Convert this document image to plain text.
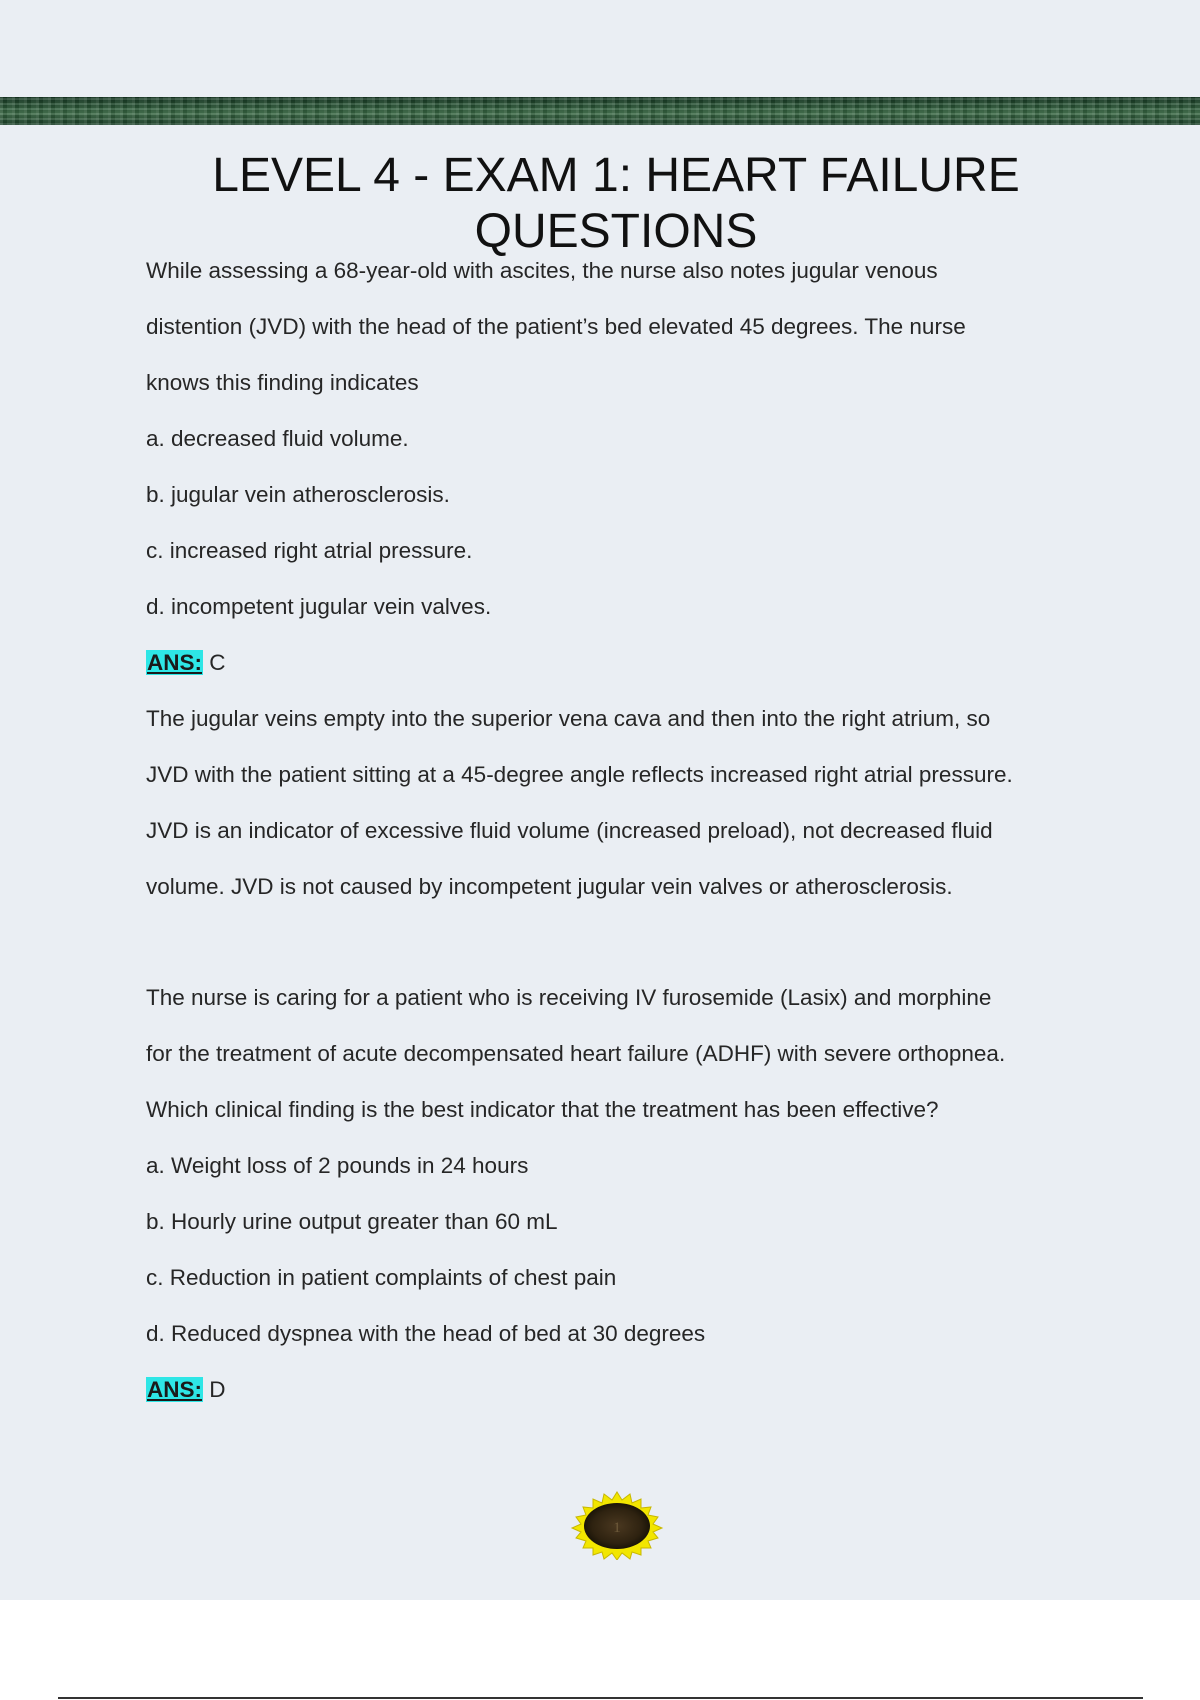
LEVEL 4 - EXAM 1: HEART FAILURE QUESTIONS
While assessing a 68-year-old with ascites, the nurse also notes jugular venous
distention (JVD) with the head of the patient’s bed elevated 45 degrees. The nurse
knows this finding indicates
a. decreased fluid volume.
b. jugular vein atherosclerosis.
c. increased right atrial pressure.
d. incompetent jugular vein valves.
ANS: C
The jugular veins empty into the superior vena cava and then into the right atrium, so
JVD with the patient sitting at a 45-degree angle reflects increased right atrial pressure.
JVD is an indicator of excessive fluid volume (increased preload), not decreased fluid
volume. JVD is not caused by incompetent jugular vein valves or atherosclerosis.
The nurse is caring for a patient who is receiving IV furosemide (Lasix) and morphine
for the treatment of acute decompensated heart failure (ADHF) with severe orthopnea.
Which clinical finding is the best indicator that the treatment has been effective?
a. Weight loss of 2 pounds in 24 hours
b. Hourly urine output greater than 60 mL
c. Reduction in patient complaints of chest pain
d. Reduced dyspnea with the head of bed at 30 degrees
ANS: D
1
